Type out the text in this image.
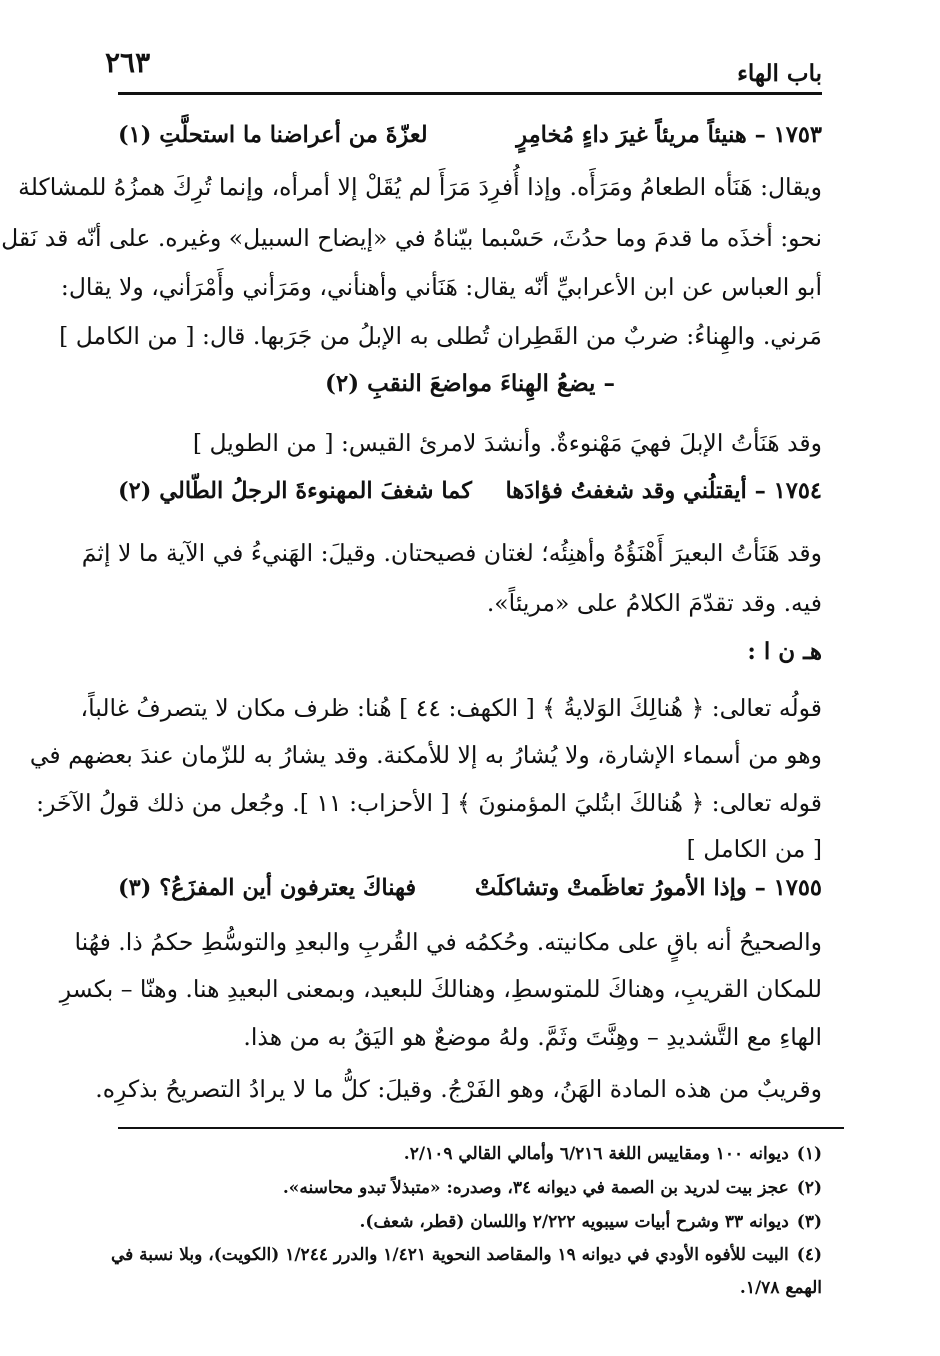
باب الهاء
٢٦٣
١٧٥٣ – هنيئاً مريئاً غيرَ داءٍ مُخامِرٍ
لعزّةَ من أعراضنا ما استحلَّتِ (١)
ويقال: هَنَأه الطعامُ ومَرَأَه. وإذا أُفرِدَ مَرَأَ لم يُقَلْ إلا أمرأه، وإنما تُرِكَ همزُهُ للمشاكلة
نحو: أخذَه ما قدمَ وما حدُثَ، حَسْبما بيّناهُ في «إيضاح السبيل» وغيره. على أنّه قد نَقل
أبو العباس عن ابن الأعرابيِّ أنّه يقال: هَنَأني وأهنأني، ومَرَأني وأَمْرَأني، ولا يقال:
مَرني. والهِناءُ: ضربٌ من القَطِران تُطلى به الإبلُ من جَرَبها. قال: [ من الكامل ]
– يضعُ الهِناءَ مواضعَ النقبِ (٢)
وقد هَنَأتُ الإبلَ فهيَ مَهْنوءةٌ. وأنشدَ لامرئ القيس: [ من الطويل ]
١٧٥٤ – أيقتلُني وقد شغفتُ فؤادَها
كما شغفَ المهنوءةَ الرجلُ الطّالي (٢)
وقد هَنَأتُ البعيرَ أَهْنَؤُهُ وأهنِئُه؛ لغتان فصيحتان. وقيلَ: الهَنيءُ في الآية ما لا إثمَ
فيه. وقد تقدّمَ الكلامُ على «مريئاً».
هـ ن ا :
قولُه تعالى: ﴿ هُنالِكَ الوَلايةُ ﴾ [ الكهف: ٤٤ ] هُنا: ظرف مكان لا يتصرفُ غالباً،
وهو من أسماء الإشارة، ولا يُشارُ به إلا للأمكنة. وقد يشارُ به للزّمان عندَ بعضهم في
قوله تعالى: ﴿ هُنالكَ ابتُليَ المؤمنونَ ﴾ [ الأحزاب: ١١ ]. وجُعل من ذلك قولُ الآخَر:
[ من الكامل ]
١٧٥٥ – وإذا الأمورُ تعاظَمتْ وتشاكلَتْ
فهناكَ يعترفون أين المفزَعُ؟ (٣)
والصحيحُ أنه باقٍ على مكانيته. وحُكمُه في القُربِ والبعدِ والتوسُّطِ حكمُ ذا. فهُنا
للمكان القريبِ، وهناكَ للمتوسطِ، وهنالكَ للبعيد، وبمعنى البعيدِ هنا. وهنّا – بكسرِ
الهاءِ مع التَّشديدِ – وهِنَّتَ وثَمَّ. ولهُ موضعٌ هو اليَقُ به من هذا.
وقريبٌ من هذه المادة الهَنُ، وهو الفَرْجُ. وقيلَ: كلُّ ما لا يرادُ التصريحُ بذكرِه.
(١)ديوانه ١٠٠ ومقاييس اللغة ٦/٢١٦ وأمالي القالي ٢/١٠٩.
(٢)عجز بيت لدريد بن الصمة في ديوانه ٣٤، وصدره: «متبذلاً تبدو محاسنه».
(٣)ديوانه ٣٣ وشرح أبيات سيبويه ٢/٢٢٢ واللسان (قطر، شعف).
(٤)البيت للأفوه الأودي في ديوانه ١٩ والمقاصد النحوية ١/٤٢١ والدرر ١/٢٤٤ (الكويت)، وبلا نسبة في
الهمع ١/٧٨.
